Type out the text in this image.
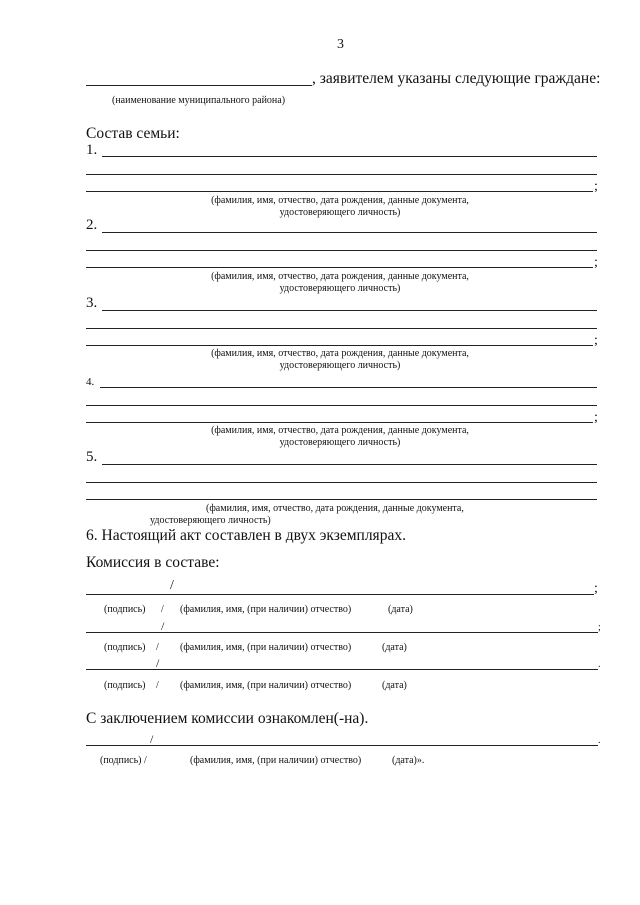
3
, заявителем указаны следующие граждане:
(наименование муниципального района)
Состав семьи:
1.
;
(фамилия, имя, отчество, дата рождения, данные документа,
удостоверяющего личность)
2.
;
(фамилия, имя, отчество, дата рождения, данные документа,
удостоверяющего личность)
3.
;
(фамилия, имя, отчество, дата рождения, данные документа,
удостоверяющего личность)
4.
;
(фамилия, имя, отчество, дата рождения, данные документа,
удостоверяющего личность)
5.
(фамилия, имя, отчество, дата рождения, данные документа,
удостоверяющего личность)
6. Настоящий акт составлен в двух экземплярах.
Комиссия в составе:
/	;
(подпись) / (фамилия, имя, (при наличии) отчество)	(дата)
/	;
(подпись) / (фамилия, имя, (при наличии) отчество)	(дата)
/	.
(подпись) / (фамилия, имя, (при наличии) отчество)	(дата)
С заключением комиссии ознакомлен(-на).
/	.
(подпись) /	(фамилия, имя, (при наличии) отчество)	(дата)».
